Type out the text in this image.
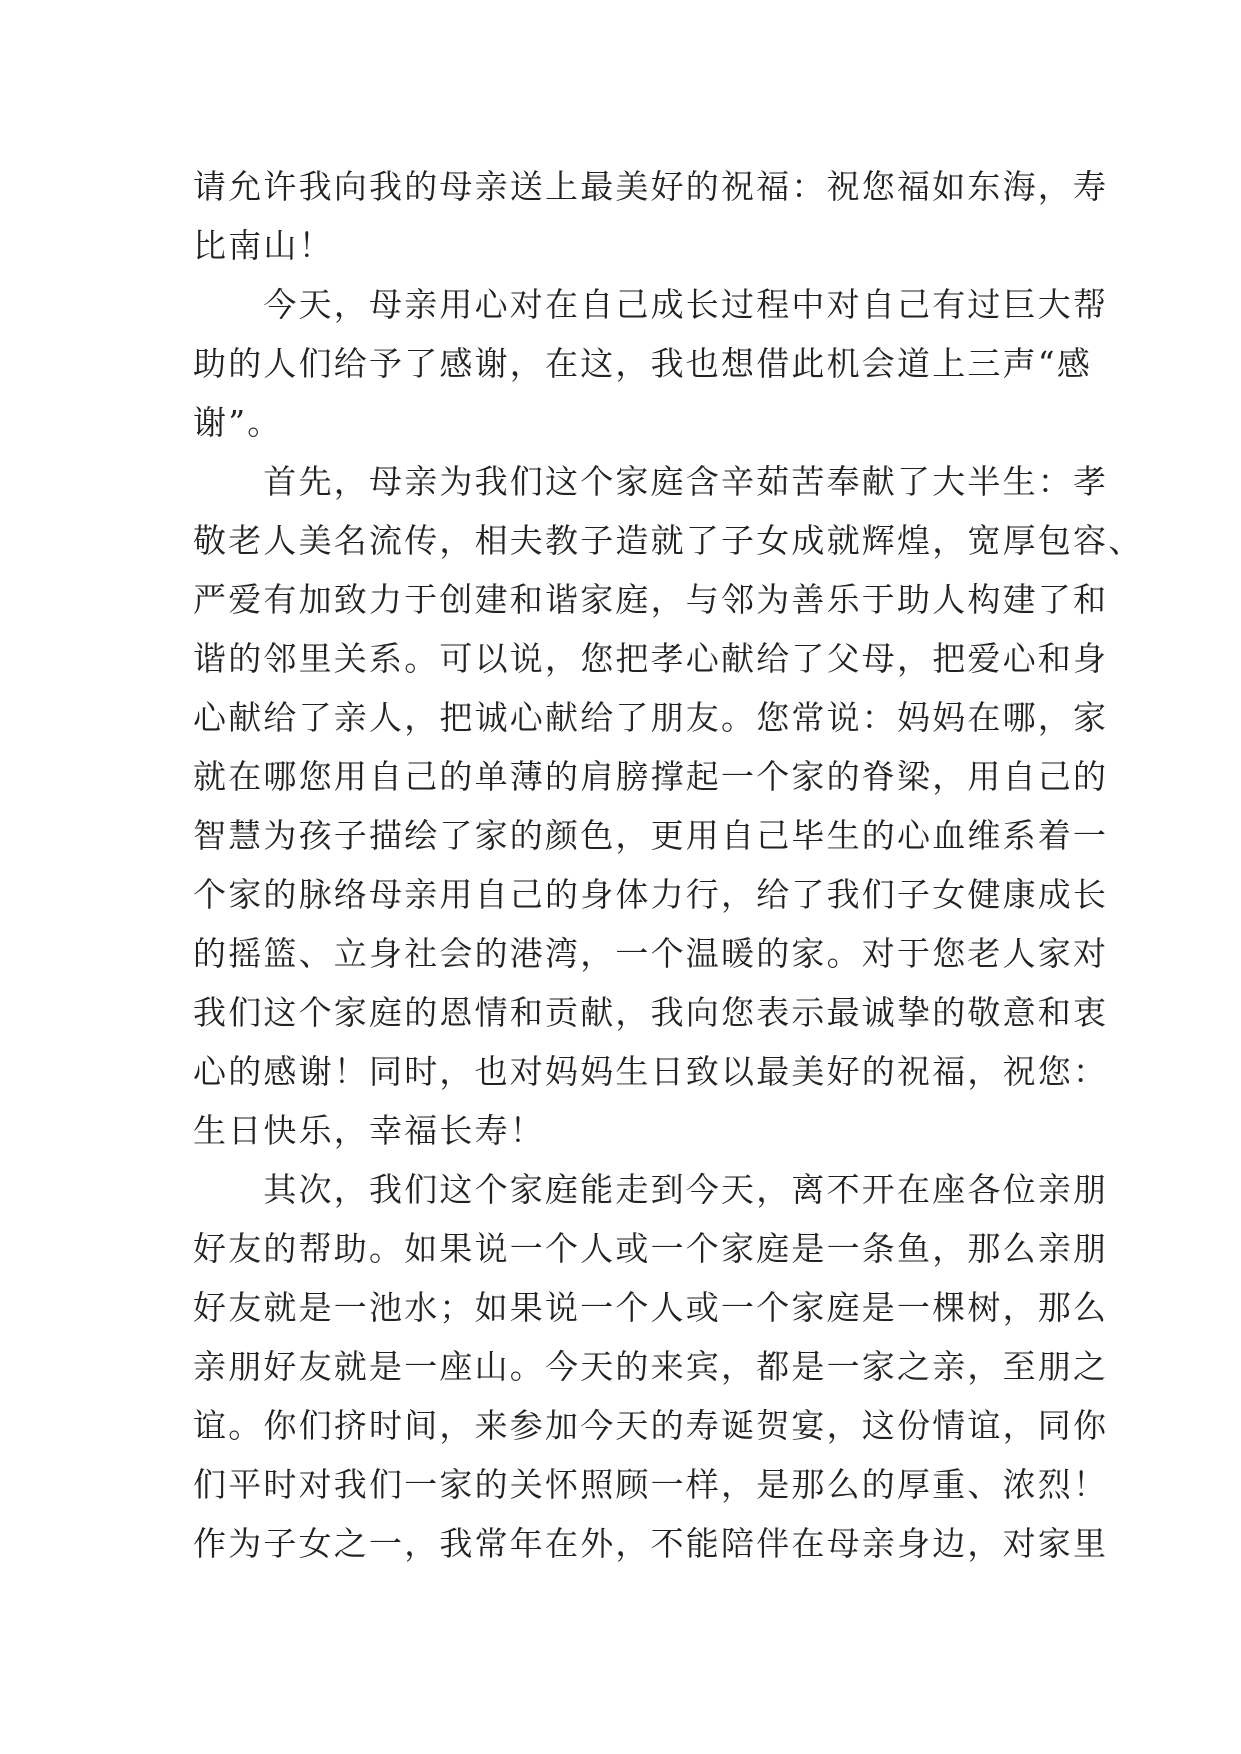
请允许我向我的母亲送上最美好的祝福：祝您福如东海，寿
比南山！
　　今天，母亲用心对在自己成长过程中对自己有过巨大帮
助的人们给予了感谢，在这，我也想借此机会道上三声“感
谢”。
　　首先，母亲为我们这个家庭含辛茹苦奉献了大半生：孝
敬老人美名流传，相夫教子造就了子女成就辉煌，宽厚包容、
严爱有加致力于创建和谐家庭，与邻为善乐于助人构建了和
谐的邻里关系。可以说，您把孝心献给了父母，把爱心和身
心献给了亲人，把诚心献给了朋友。您常说：妈妈在哪，家
就在哪您用自己的单薄的肩膀撑起一个家的脊梁，用自己的
智慧为孩子描绘了家的颜色，更用自己毕生的心血维系着一
个家的脉络母亲用自己的身体力行，给了我们子女健康成长
的摇篮、立身社会的港湾，一个温暖的家。对于您老人家对
我们这个家庭的恩情和贡献，我向您表示最诚挚的敬意和衷
心的感谢！同时，也对妈妈生日致以最美好的祝福，祝您：
生日快乐，幸福长寿！
　　其次，我们这个家庭能走到今天，离不开在座各位亲朋
好友的帮助。如果说一个人或一个家庭是一条鱼，那么亲朋
好友就是一池水；如果说一个人或一个家庭是一棵树，那么
亲朋好友就是一座山。今天的来宾，都是一家之亲，至朋之
谊。你们挤时间，来参加今天的寿诞贺宴，这份情谊，同你
们平时对我们一家的关怀照顾一样，是那么的厚重、浓烈！
作为子女之一，我常年在外，不能陪伴在母亲身边，对家里
